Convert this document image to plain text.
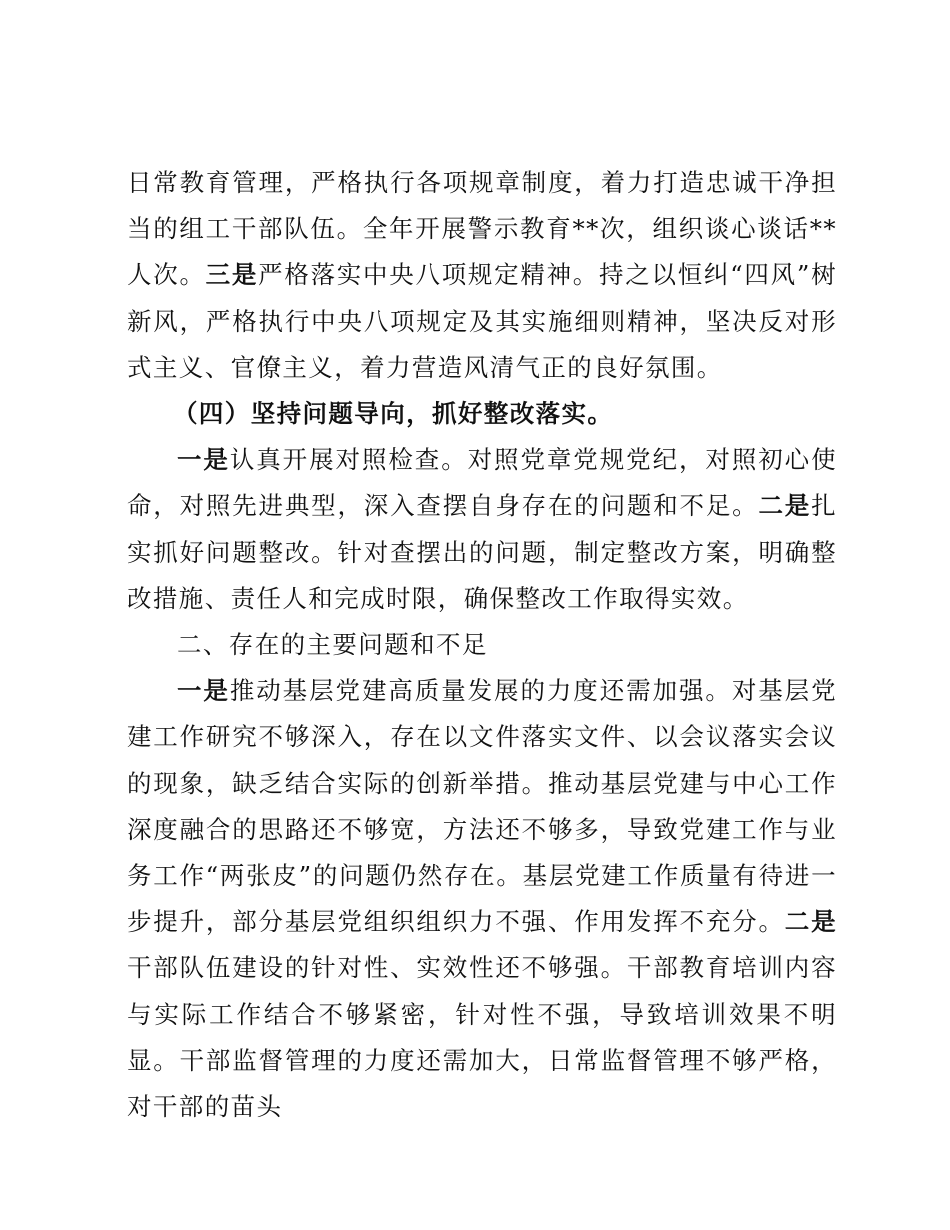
日常教育管理，严格执行各项规章制度，着力打造忠诚干净担当的组工干部队伍。全年开展警示教育**次，组织谈心谈话**人次。三是严格落实中央八项规定精神。持之以恒纠“四风”树新风，严格执行中央八项规定及其实施细则精神，坚决反对形式主义、官僚主义，着力营造风清气正的良好氛围。

（四）坚持问题导向，抓好整改落实。

一是认真开展对照检查。对照党章党规党纪，对照初心使命，对照先进典型，深入查摆自身存在的问题和不足。二是扎实抓好问题整改。针对查摆出的问题，制定整改方案，明确整改措施、责任人和完成时限，确保整改工作取得实效。

二、存在的主要问题和不足

一是推动基层党建高质量发展的力度还需加强。对基层党建工作研究不够深入，存在以文件落实文件、以会议落实会议的现象，缺乏结合实际的创新举措。推动基层党建与中心工作深度融合的思路还不够宽，方法还不够多，导致党建工作与业务工作“两张皮”的问题仍然存在。基层党建工作质量有待进一步提升，部分基层党组织组织力不强、作用发挥不充分。二是干部队伍建设的针对性、实效性还不够强。干部教育培训内容与实际工作结合不够紧密，针对性不强，导致培训效果不明显。干部监督管理的力度还需加大，日常监督管理不够严格，对干部的苗头
